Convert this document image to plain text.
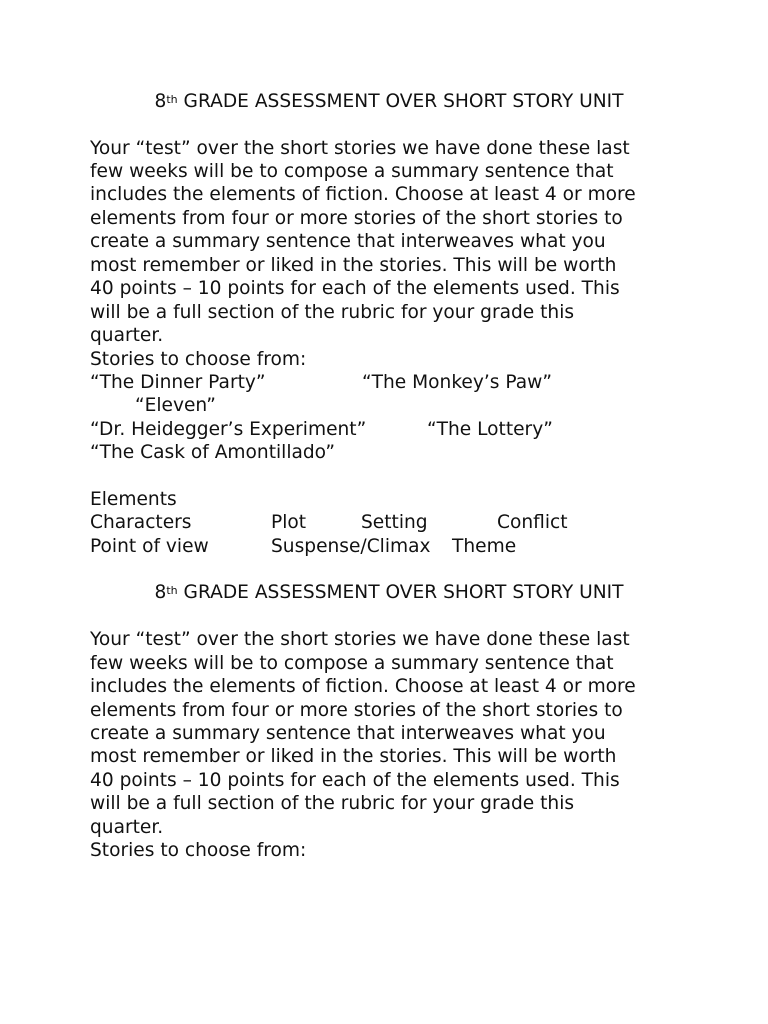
8th GRADE ASSESSMENT OVER SHORT STORY UNIT
Your “test” over the short stories we have done these last
few weeks will be to compose a summary sentence that
includes the elements of fiction. Choose at least 4 or more
elements from four or more stories of the short stories to
create a summary sentence that interweaves what you
most remember or liked in the stories. This will be worth
40 points – 10 points for each of the elements used. This
will be a full section of the rubric for your grade this
quarter.
Stories to choose from:
“The Dinner Party”	“The Monkey’s Paw”
“Eleven”
“Dr. Heidegger’s Experiment”	“The Lottery”
“The Cask of Amontillado”
Elements
Characters	Plot	Setting	Conflict
Point of view	Suspense/Climax Theme
8th GRADE ASSESSMENT OVER SHORT STORY UNIT
Your “test” over the short stories we have done these last
few weeks will be to compose a summary sentence that
includes the elements of fiction. Choose at least 4 or more
elements from four or more stories of the short stories to
create a summary sentence that interweaves what you
most remember or liked in the stories. This will be worth
40 points – 10 points for each of the elements used. This
will be a full section of the rubric for your grade this
quarter.
Stories to choose from:
